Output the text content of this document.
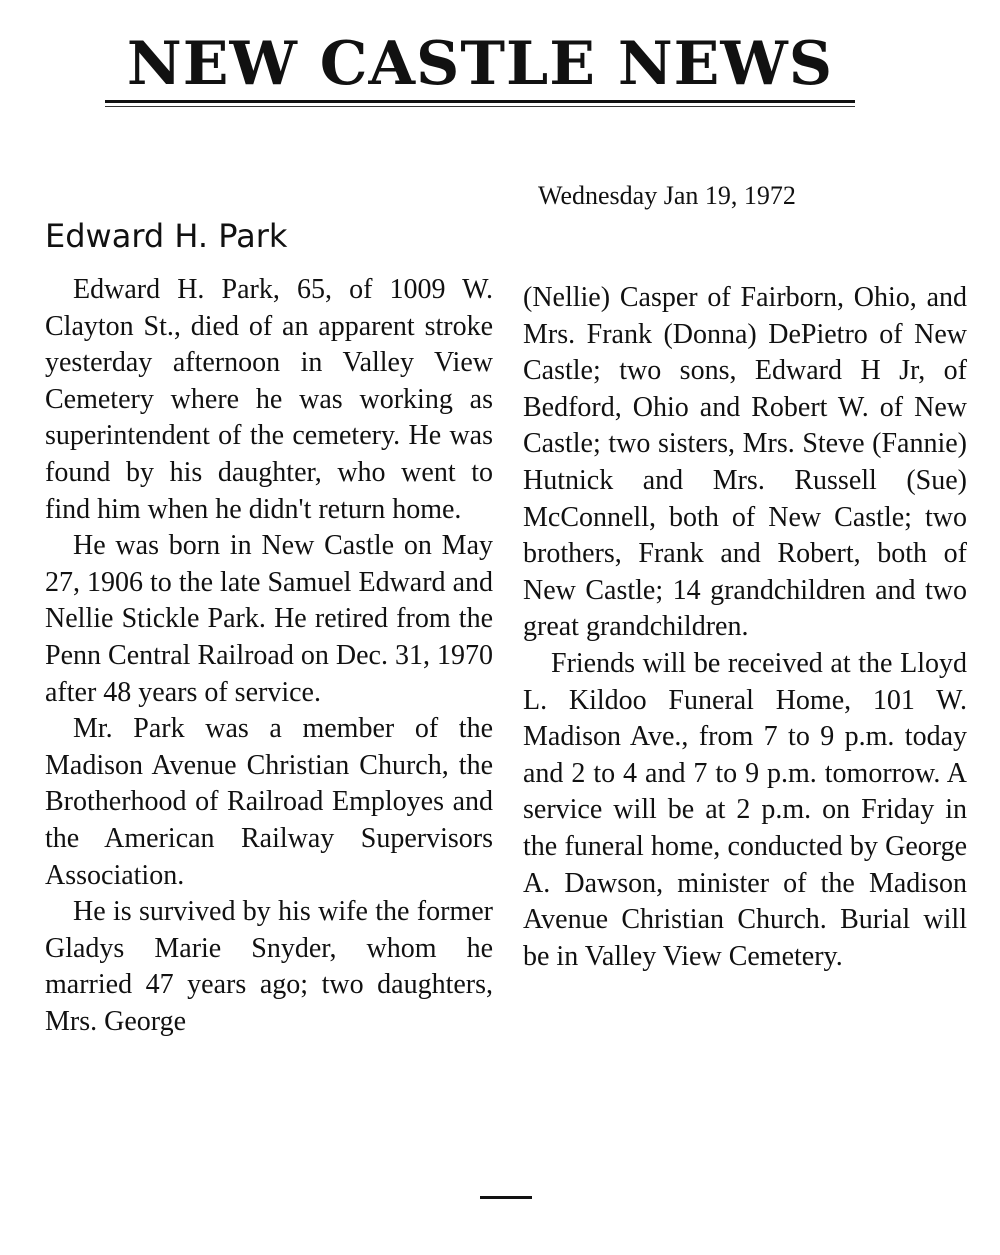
NEW CASTLE NEWS
Wednesday Jan 19, 1972
Edward H. Park

Edward H. Park, 65, of 1009 W. Clayton St., died of an apparent stroke yesterday afternoon in Valley View Cemetery where he was working as superintendent of the cemetery. He was found by his daughter, who went to find him when he didn't return home.

He was born in New Castle on May 27, 1906 to the late Samuel Edward and Nellie Stickle Park. He retired from the Penn Central Railroad on Dec. 31, 1970 after 48 years of service.

Mr. Park was a member of the Madison Avenue Christian Church, the Brotherhood of Railroad Employes and the American Railway Supervisors Association.

He is survived by his wife the former Gladys Marie Snyder, whom he married 47 years ago; two daughters, Mrs. George

(Nellie) Casper of Fairborn, Ohio, and Mrs. Frank (Donna) DePietro of New Castle; two sons, Edward H Jr, of Bedford, Ohio and Robert W. of New Castle; two sisters, Mrs. Steve (Fannie) Hutnick and Mrs. Russell (Sue) McConnell, both of New Castle; two brothers, Frank and Robert, both of New Castle; 14 grandchildren and two great grandchildren.

Friends will be received at the Lloyd L. Kildoo Funeral Home, 101 W. Madison Ave., from 7 to 9 p.m. today and 2 to 4 and 7 to 9 p.m. tomorrow. A service will be at 2 p.m. on Friday in the funeral home, conducted by George A. Dawson, minister of the Madison Avenue Christian Church. Burial will be in Valley View Cemetery.
